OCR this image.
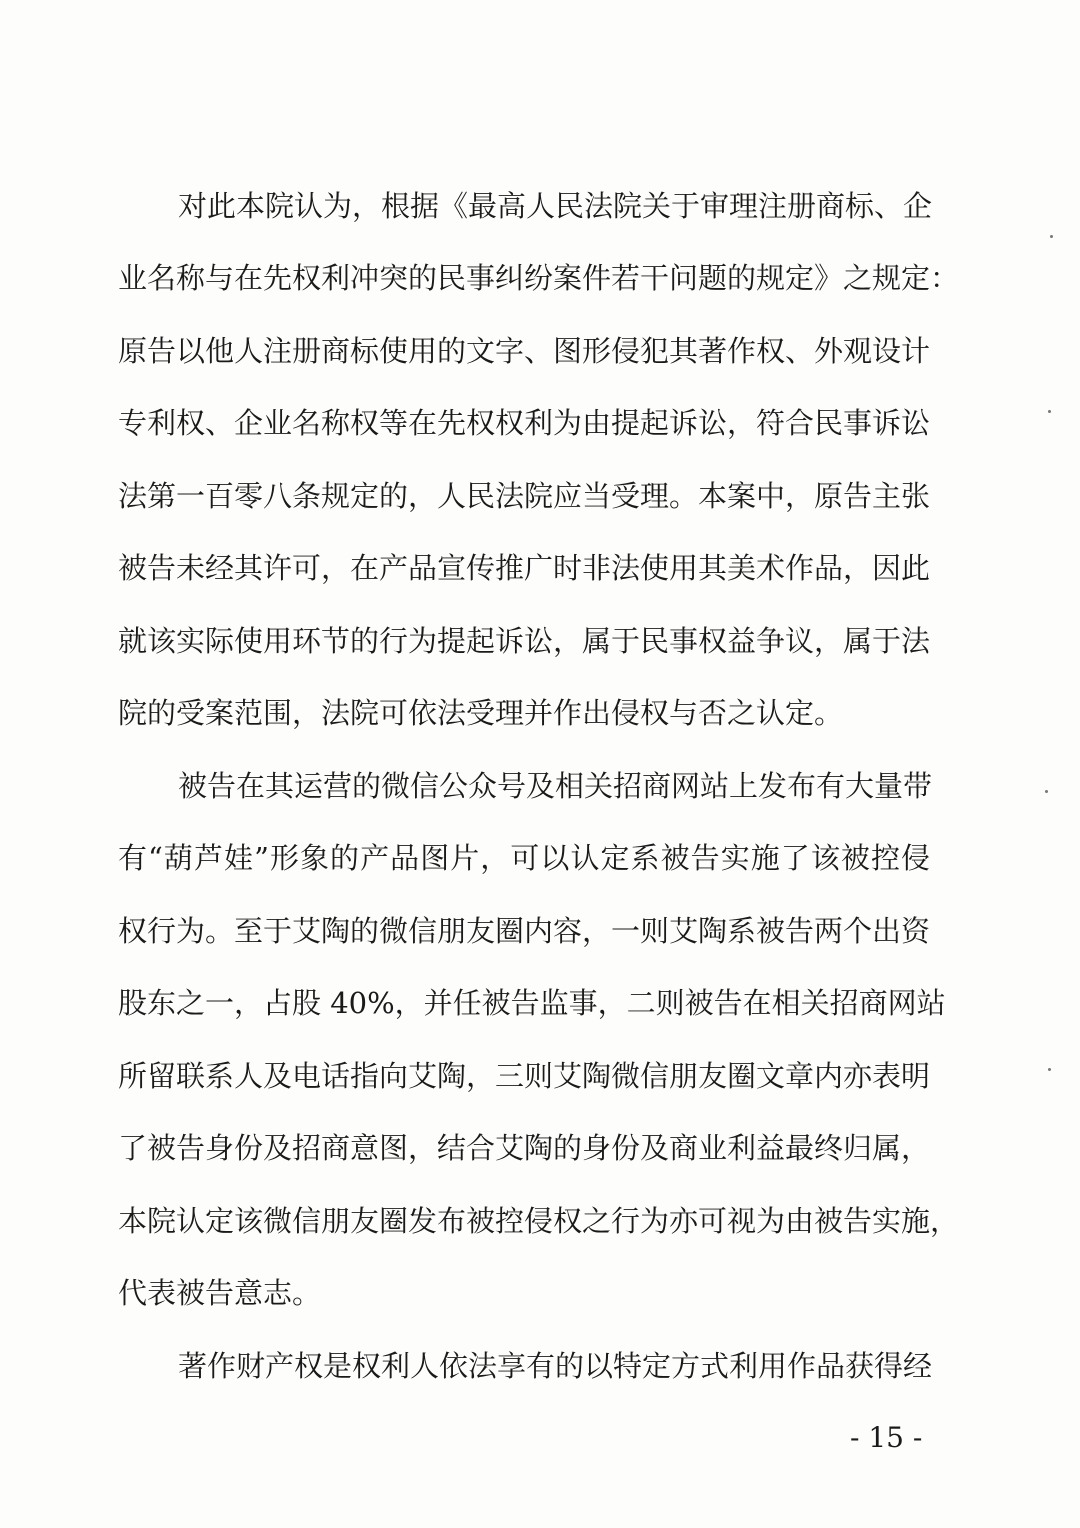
对此本院认为，根据《最高人民法院关于审理注册商标、企
业名称与在先权利冲突的民事纠纷案件若干问题的规定》之规定：
原告以他人注册商标使用的文字、图形侵犯其著作权、外观设计
专利权、企业名称权等在先权权利为由提起诉讼，符合民事诉讼
法第一百零八条规定的，人民法院应当受理。本案中，原告主张
被告未经其许可，在产品宣传推广时非法使用其美术作品，因此
就该实际使用环节的行为提起诉讼，属于民事权益争议，属于法
院的受案范围，法院可依法受理并作出侵权与否之认定。
被告在其运营的微信公众号及相关招商网站上发布有大量带
有“葫芦娃”形象的产品图片，可以认定系被告实施了该被控侵
权行为。至于艾陶的微信朋友圈内容，一则艾陶系被告两个出资
股东之一，占股 40%，并任被告监事，二则被告在相关招商网站
所留联系人及电话指向艾陶，三则艾陶微信朋友圈文章内亦表明
了被告身份及招商意图，结合艾陶的身份及商业利益最终归属，
本院认定该微信朋友圈发布被控侵权之行为亦可视为由被告实施，
代表被告意志。
著作财产权是权利人依法享有的以特定方式利用作品获得经
- 15 -
